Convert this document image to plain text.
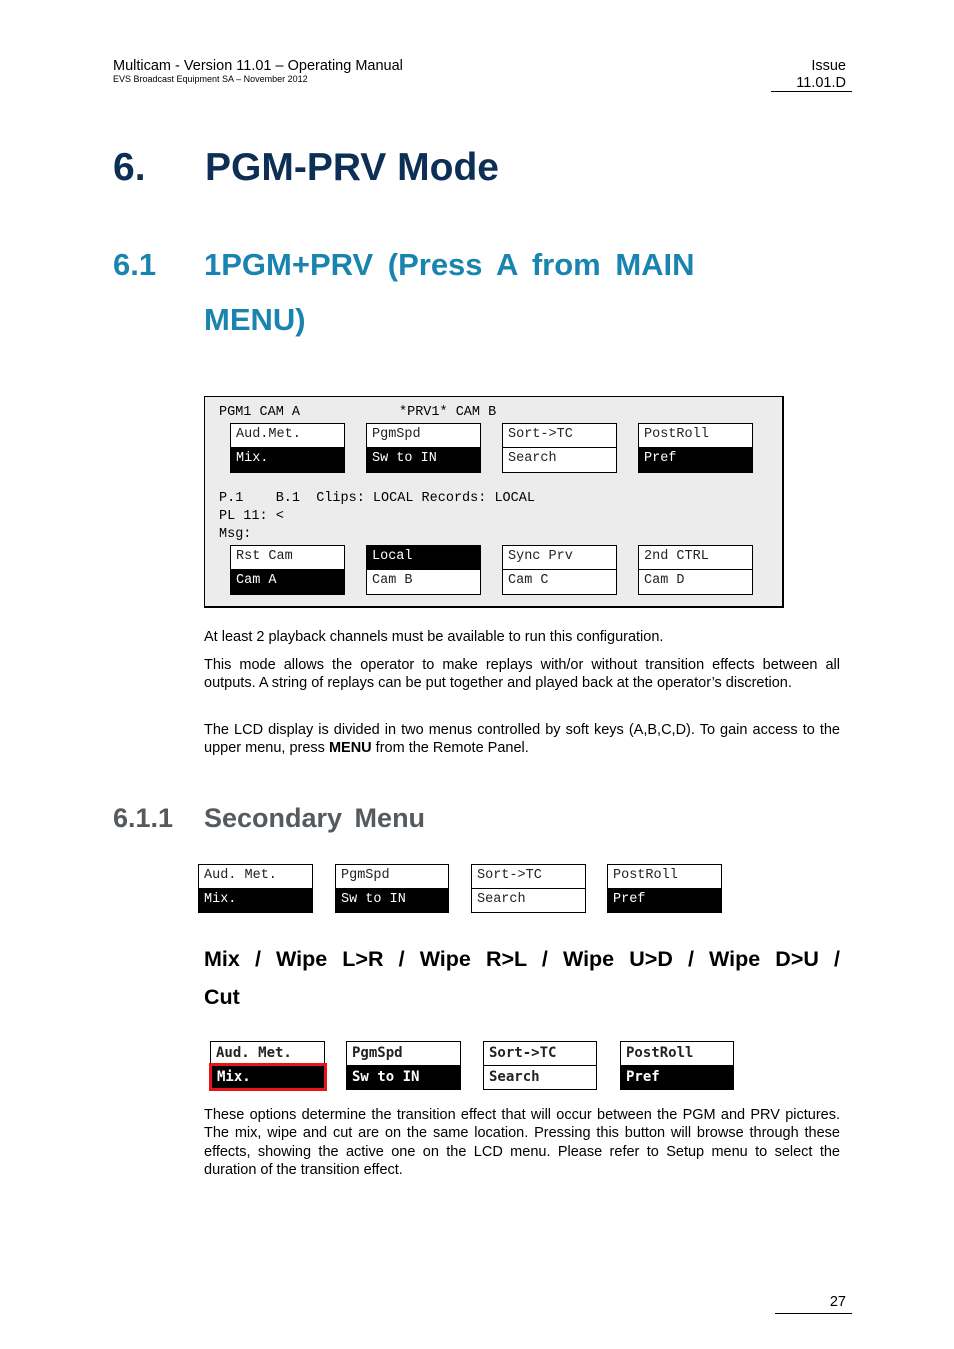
Multicam - Version 11.01 – Operating Manual
EVS Broadcast Equipment SA – November 2012
Issue
11.01.D
6. PGM-PRV Mode
6.1 1PGM+PRV (Press A from MAIN
MENU)
PGM1 CAM A	*PRV1* CAM B
Aud.Met.
Mix.
PgmSpd
Sw to IN
Sort->TC
Search
PostRoll
Pref
P.1    B.1  Clips: LOCAL Records: LOCAL
PL 11: <
Msg:
Rst Cam
Cam A
Local
Cam B
Sync Prv
Cam C
2nd CTRL
Cam D
At least 2 playback channels must be available to run this configuration.
This mode allows the operator to make replays with/or without transition effects between all outputs. A string of replays can be put together and played back at the operator’s discretion.
The LCD display is divided in two menus controlled by soft keys (A,B,C,D). To gain access to the upper menu, press MENU from the Remote Panel.
6.1.1 Secondary Menu
Aud. Met.
Mix.
PgmSpd
Sw to IN
Sort->TC
Search
PostRoll
Pref
Mix / Wipe L>R / Wipe R>L / Wipe U>D / Wipe D>U /
Cut
Aud. Met.
Mix.
PgmSpd
Sw to IN
Sort->TC
Search
PostRoll
Pref
These options determine the transition effect that will occur between the PGM and PRV pictures. The mix, wipe and cut are on the same location. Pressing this button will browse through these effects, showing the active one on the LCD menu. Please refer to Setup menu to select the duration of the transition effect.
27
